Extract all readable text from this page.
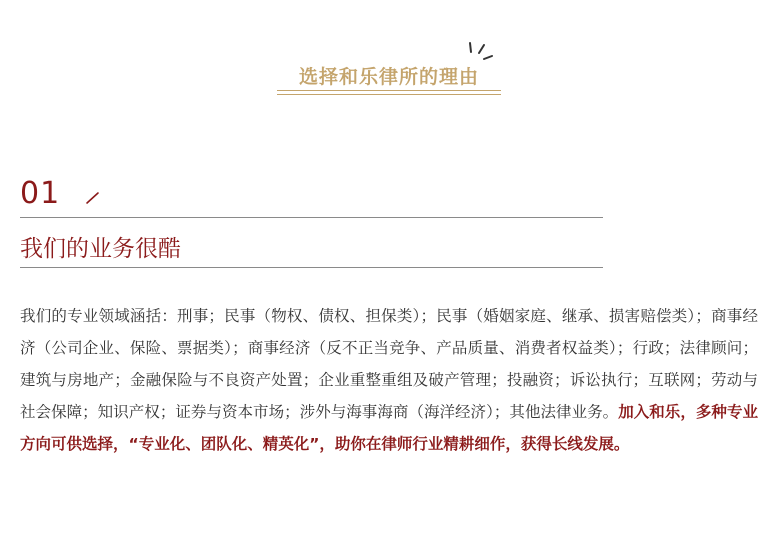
选择和乐律所的理由
01
我们的业务很酷
我们的专业领域涵括：刑事；民事（物权、债权、担保类）；民事（婚姻家庭、继承、损害赔偿类）；商事经济（公司企业、保险、票据类）；商事经济（反不正当竞争、产品质量、消费者权益类）；行政；法律顾问；建筑与房地产；金融保险与不良资产处置；企业重整重组及破产管理；投融资；诉讼执行；互联网；劳动与社会保障；知识产权；证券与资本市场；涉外与海事海商（海洋经济）；其他法律业务。加入和乐，多种专业方向可供选择，“专业化、团队化、精英化”，助你在律师行业精耕细作，获得长线发展。
